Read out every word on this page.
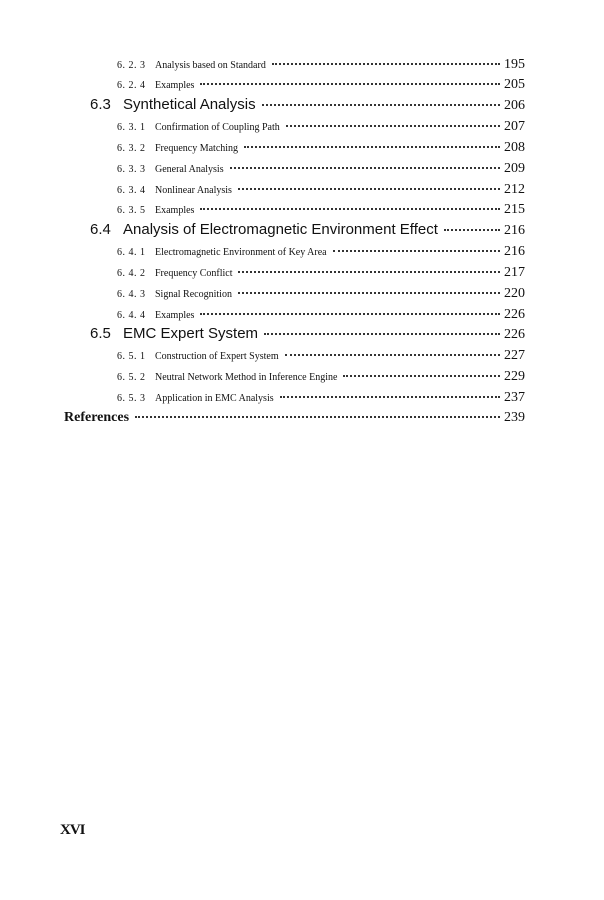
6. 2. 3 Analysis based on Standard	195
6. 2. 4 Examples	205
6.3 Synthetical Analysis	206
6. 3. 1 Confirmation of Coupling Path	207
6. 3. 2 Frequency Matching	208
6. 3. 3 General Analysis	209
6. 3. 4 Nonlinear Analysis	212
6. 3. 5 Examples	215
6.4 Analysis of Electromagnetic Environment Effect	216
6. 4. 1 Electromagnetic Environment of Key Area	216
6. 4. 2 Frequency Conflict	217
6. 4. 3 Signal Recognition	220
6. 4. 4 Examples	226
6.5 EMC Expert System	226
6. 5. 1 Construction of Expert System	227
6. 5. 2 Neutral Network Method in Inference Engine	229
6. 5. 3 Application in EMC Analysis	237
References	239
XVI
